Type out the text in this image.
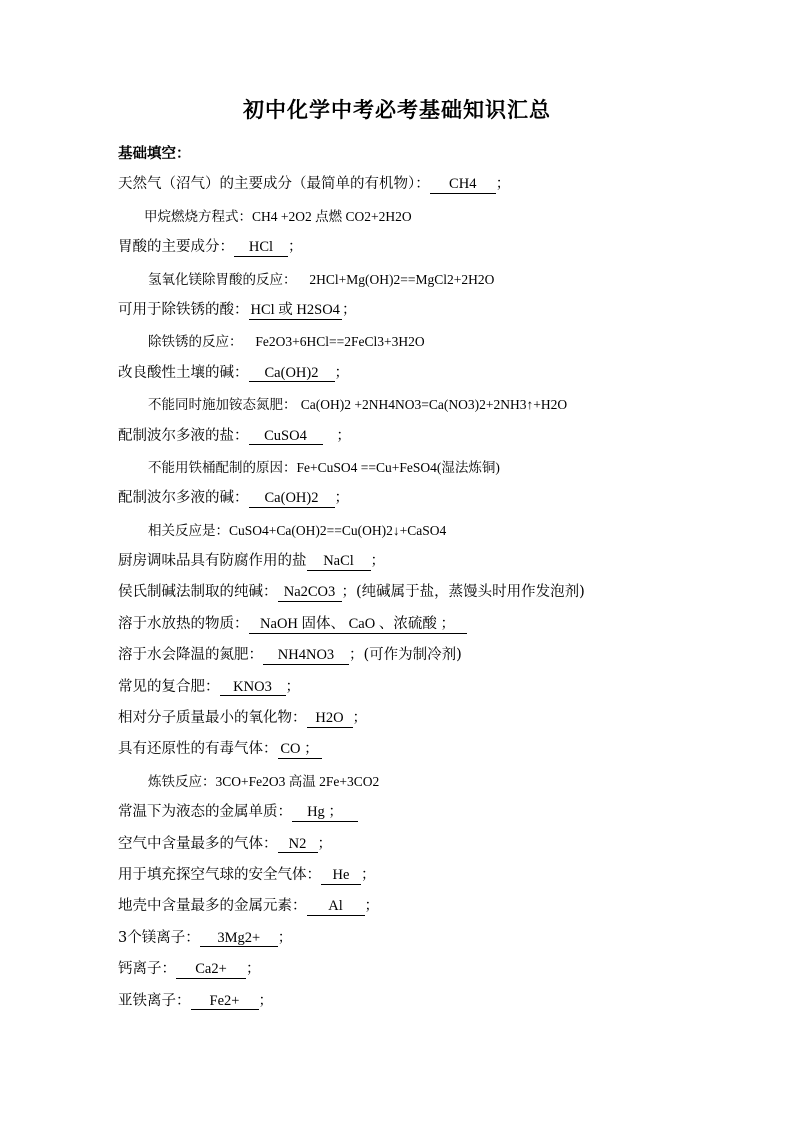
初中化学中考必考基础知识汇总
基础填空：
天然气（沼气）的主要成分（最简单的有机物）： CH4 ；
甲烷燃烧方程式：CH4 +2O2 点燃 CO2+2H2O
胃酸的主要成分： HCl ；
氢氧化镁除胃酸的反应： 2HCl+Mg(OH)2==MgCl2+2H2O
可用于除铁锈的酸： HCl 或 H2SO4 ；
除铁锈的反应： Fe2O3+6HCl==2FeCl3+3H2O
改良酸性土壤的碱： Ca(OH)2 ；
不能同时施加铵态氮肥： Ca(OH)2 +2NH4NO3=Ca(NO3)2+2NH3↑+H2O
配制波尔多液的盐： CuSO4 ；
不能用铁桶配制的原因：Fe+CuSO4 ==Cu+FeSO4(湿法炼铜)
配制波尔多液的碱： Ca(OH)2 ；
相关反应是：CuSO4+Ca(OH)2==Cu(OH)2↓+CaSO4
厨房调味品具有防腐作用的盐 NaCl ；
侯氏制碱法制取的纯碱： Na2CO3 ；(纯碱属于盐，蒸馒头时用作发泡剂)
溶于水放热的物质： NaOH 固体、 CaO 、浓硫酸 ；
溶于水会降温的氮肥： NH4NO3 ；(可作为制冷剂)
常见的复合肥： KNO3 ；
相对分子质量最小的氧化物： H2O ；
具有还原性的有毒气体： CO ；
炼铁反应：3CO+Fe2O3 高温 2Fe+3CO2
常温下为液态的金属单质： Hg ；
空气中含量最多的气体： N2 ；
用于填充探空气球的安全气体： He ；
地壳中含量最多的金属元素： Al ；
3个镁离子： 3Mg2+ ；
钙离子： Ca2+ ；
亚铁离子： Fe2+ ；
